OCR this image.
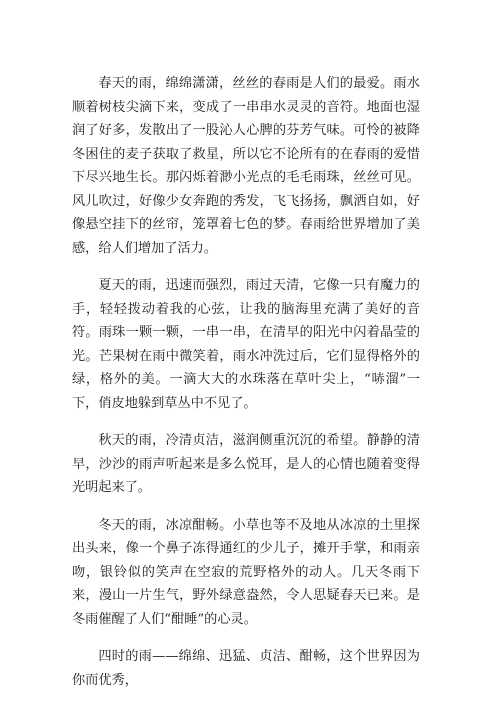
春天的雨，绵绵潇潇，丝丝的春雨是人们的最爱。雨水顺着树枝尖滴下来，变成了一串串水灵灵的音符。地面也湿润了好多，发散出了一股沁人心脾的芬芳气味。可怜的被降冬困住的麦子获取了救星，所以它不论所有的在春雨的爱惜下尽兴地生长。那闪烁着渺小光点的毛毛雨珠，丝丝可见。风儿吹过，好像少女奔跑的秀发，飞飞扬扬，飘洒自如，好像悬空挂下的丝帘，笼罩着七色的梦。春雨给世界增加了美感，给人们增加了活力。

夏天的雨，迅速而强烈，雨过天清，它像一只有魔力的手，轻轻拨动着我的心弦，让我的脑海里充满了美好的音符。雨珠一颗一颗，一串一串，在清早的阳光中闪着晶莹的光。芒果树在雨中微笑着，雨水冲洗过后，它们显得格外的绿，格外的美。一滴大大的水珠落在草叶尖上，“哧溜”一下，俏皮地躲到草丛中不见了。

秋天的雨，冷清贞洁，滋润侧重沉沉的希望。静静的清早，沙沙的雨声听起来是多么悦耳，是人的心情也随着变得光明起来了。

冬天的雨，冰凉酣畅。小草也等不及地从冰凉的土里探出头来，像一个鼻子冻得通红的少儿子，摊开手掌，和雨亲吻，银铃似的笑声在空寂的荒野格外的动人。几天冬雨下来，漫山一片生气，野外绿意盎然，令人思疑春天已来。是冬雨催醒了人们“酣睡”的心灵。

四时的雨——绵绵、迅猛、贞洁、酣畅，这个世界因为你而优秀，
